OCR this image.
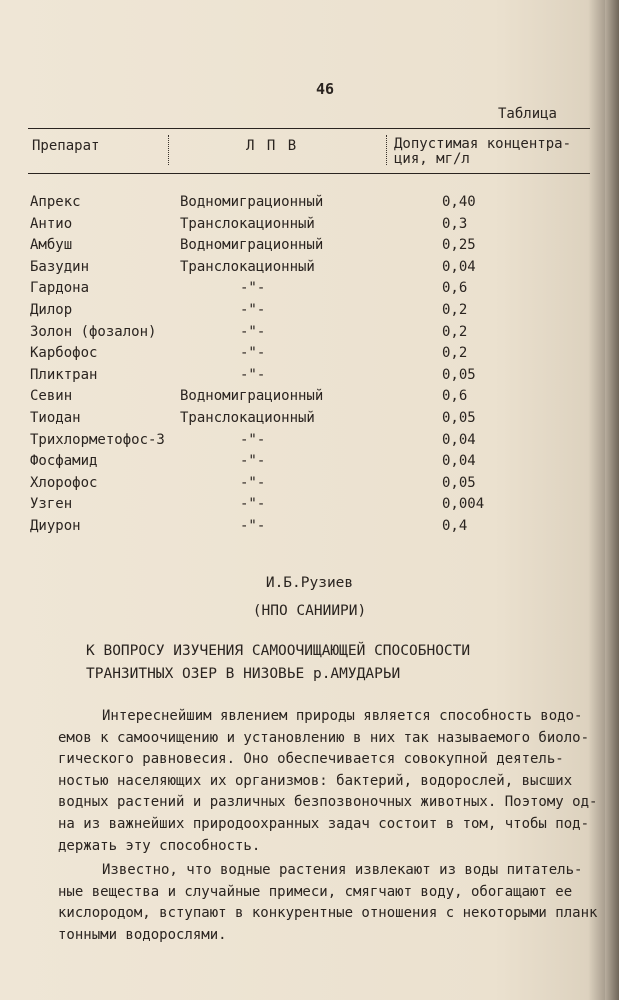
46
Таблица
Препарат	Л П В	Допустимая концентра-
ция, мг/л
Апрекс	Водномиграционный	0,40
Антио	Транслокационный	0,3
Амбуш	Водномиграционный	0,25
Базудин	Транслокационный	0,04
Гардона	-"-	0,6
Дилор	-"-	0,2
Золон (фозалон)	-"-	0,2
Карбофос	-"-	0,2
Пликтран	-"-	0,05
Севин	Водномиграционный	0,6
Тиодан	Транслокационный	0,05
Трихлорметофос-3	-"-	0,04
Фосфамид	-"-	0,04
Хлорофос	-"-	0,05
Узген	-"-	0,004
Диурон	-"-	0,4
И.Б.Рузиев
(НПО САНИИРИ)
К ВОПРОСУ ИЗУЧЕНИЯ САМООЧИЩАЮЩЕЙ СПОСОБНОСТИ
ТРАНЗИТНЫХ ОЗЕР В НИЗОВЬЕ р.АМУДАРЬИ

Интереснейшим явлением природы является способность водо-
емов к самоочищению и установлению в них так называемого биоло-
гического равновесия. Оно обеспечивается совокупной деятель-
ностью населяющих их организмов: бактерий, водорослей, высших
водных растений и различных безпозвоночных животных. Поэтому од-
на из важнейших природоохранных задач состоит в том, чтобы под-
держать эту способность.

Известно, что водные растения извлекают из воды питатель-
ные вещества и случайные примеси, смягчают воду, обогащают ее
кислородом, вступают в конкурентные отношения с некоторыми планк
тонными водорослями.
